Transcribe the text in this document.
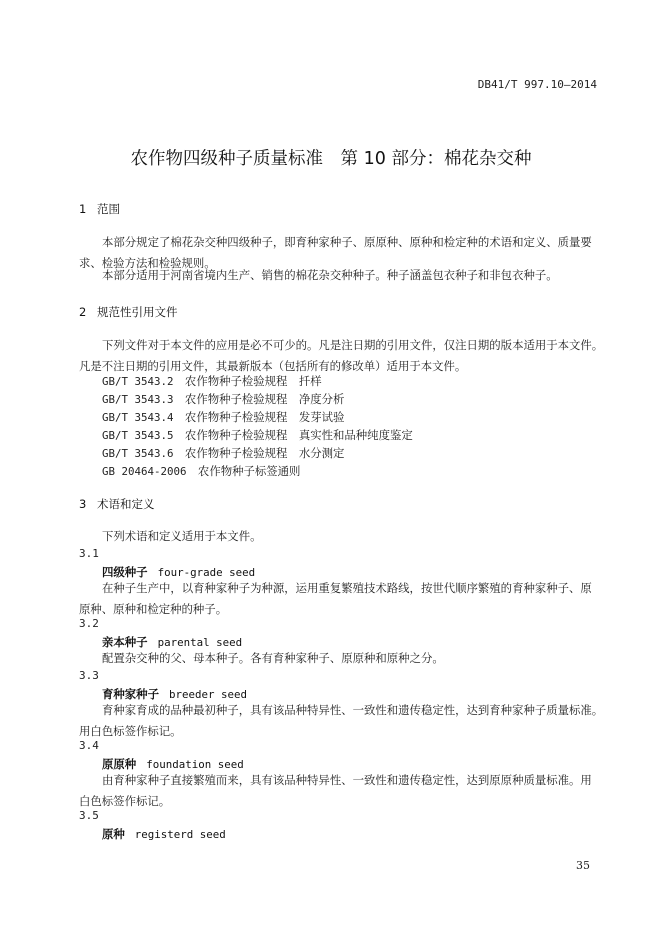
DB41/T 997.10—2014
农作物四级种子质量标准　第 10 部分：棉花杂交种
1 范围
本部分规定了棉花杂交种四级种子，即育种家种子、原原种、原种和检定种的术语和定义、质量要
求、检验方法和检验规则。
本部分适用于河南省境内生产、销售的棉花杂交种种子。种子涵盖包衣种子和非包衣种子。
2 规范性引用文件
下列文件对于本文件的应用是必不可少的。凡是注日期的引用文件，仅注日期的版本适用于本文件。
凡是不注日期的引用文件，其最新版本（包括所有的修改单）适用于本文件。
GB/T 3543.2　 农作物种子检验规程　扦样
GB/T 3543.3　 农作物种子检验规程　净度分析
GB/T 3543.4　 农作物种子检验规程　发芽试验
GB/T 3543.5　 农作物种子检验规程　真实性和品种纯度鉴定
GB/T 3543.6　 农作物种子检验规程　水分测定
GB 20464-2006　 农作物种子标签通则
3 术语和定义
下列术语和定义适用于本文件。
3.1
四级种子 four-grade seed
在种子生产中，以育种家种子为种源，运用重复繁殖技术路线，按世代顺序繁殖的育种家种子、原
原种、原种和检定种的种子。
3.2
亲本种子 parental seed
配置杂交种的父、母本种子。各有育种家种子、原原种和原种之分。
3.3
育种家种子 breeder seed
育种家育成的品种最初种子，具有该品种特异性、一致性和遗传稳定性，达到育种家种子质量标准。
用白色标签作标记。
3.4
原原种 foundation seed
由育种家种子直接繁殖而来，具有该品种特异性、一致性和遗传稳定性，达到原原种质量标准。用
白色标签作标记。
3.5
原种 registerd seed
35
